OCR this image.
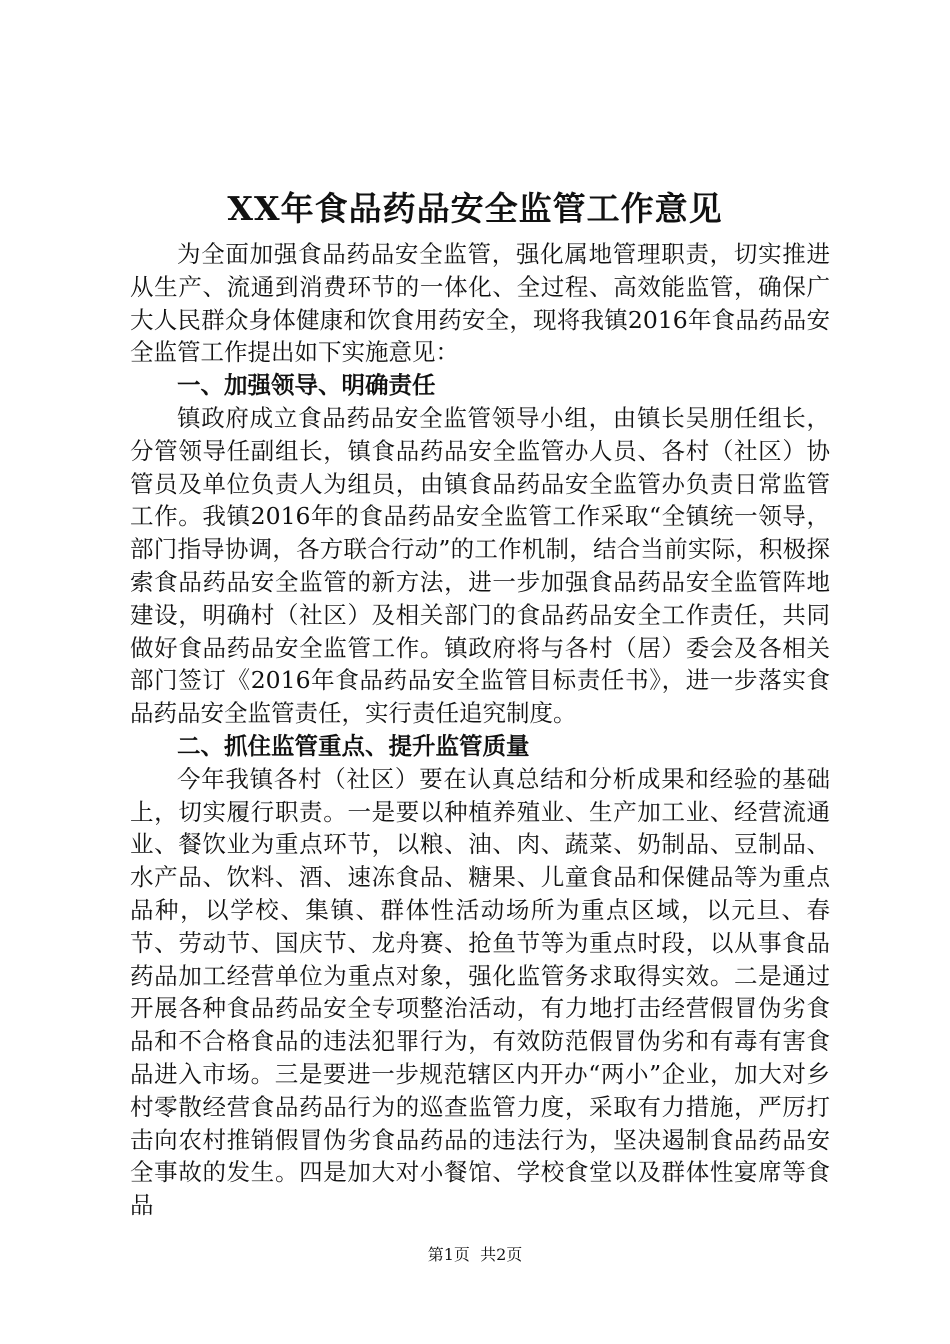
XX年食品药品安全监管工作意见

为全面加强食品药品安全监管，强化属地管理职责，切实推进从生产、流通到消费环节的一体化、全过程、高效能监管，确保广大人民群众身体健康和饮食用药安全，现将我镇2016年食品药品安全监管工作提出如下实施意见：

一、加强领导、明确责任

镇政府成立食品药品安全监管领导小组，由镇长吴朋任组长，分管领导任副组长，镇食品药品安全监管办人员、各村（社区）协管员及单位负责人为组员，由镇食品药品安全监管办负责日常监管工作。我镇2016年的食品药品安全监管工作采取“全镇统一领导，部门指导协调，各方联合行动”的工作机制，结合当前实际，积极探索食品药品安全监管的新方法，进一步加强食品药品安全监管阵地建设，明确村（社区）及相关部门的食品药品安全工作责任，共同做好食品药品安全监管工作。镇政府将与各村（居）委会及各相关部门签订《2016年食品药品安全监管目标责任书》，进一步落实食品药品安全监管责任，实行责任追究制度。

二、抓住监管重点、提升监管质量

今年我镇各村（社区）要在认真总结和分析成果和经验的基础上，切实履行职责。一是要以种植养殖业、生产加工业、经营流通业、餐饮业为重点环节，以粮、油、肉、蔬菜、奶制品、豆制品、水产品、饮料、酒、速冻食品、糖果、儿童食品和保健品等为重点品种，以学校、集镇、群体性活动场所为重点区域，以元旦、春节、劳动节、国庆节、龙舟赛、抢鱼节等为重点时段，以从事食品药品加工经营单位为重点对象，强化监管务求取得实效。二是通过开展各种食品药品安全专项整治活动，有力地打击经营假冒伪劣食品和不合格食品的违法犯罪行为，有效防范假冒伪劣和有毒有害食品进入市场。三是要进一步规范辖区内开办“两小”企业，加大对乡村零散经营食品药品行为的巡查监管力度，采取有力措施，严厉打击向农村推销假冒伪劣食品药品的违法行为，坚决遏制食品药品安全事故的发生。四是加大对小餐馆、学校食堂以及群体性宴席等食品

第1页 共2页
